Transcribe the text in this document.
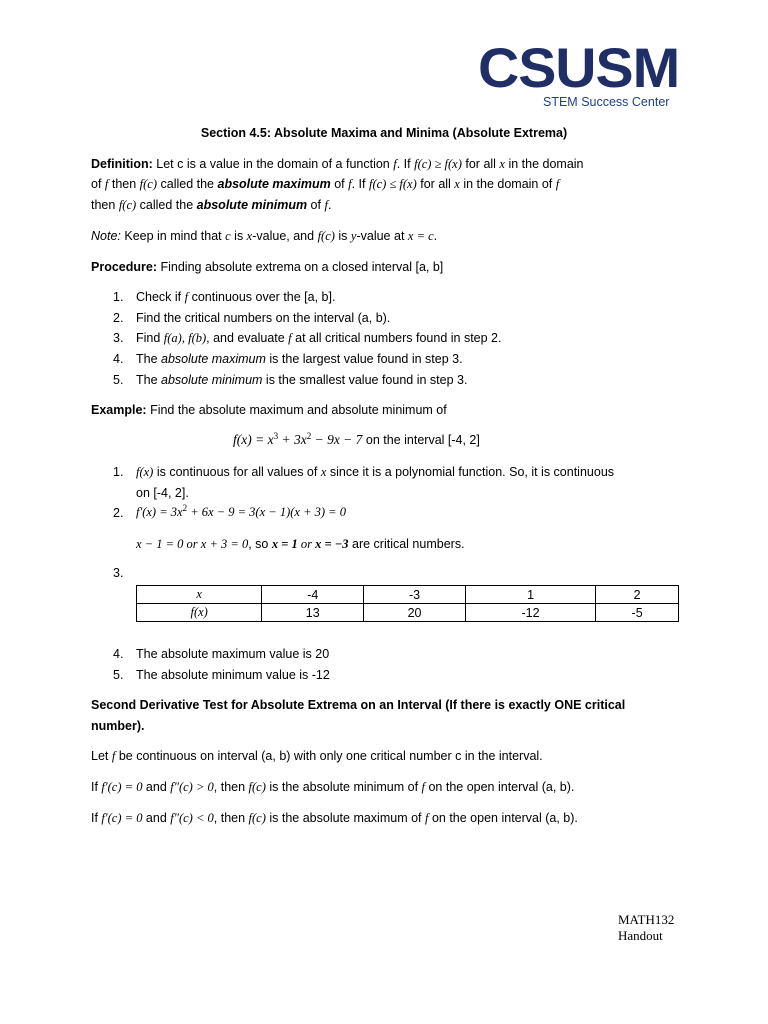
CSUSM
STEM Success Center
Section 4.5: Absolute Maxima and Minima (Absolute Extrema)
Definition: Let c is a value in the domain of a function f. If f(c) ≥ f(x) for all x in the domain
of f then f(c) called the absolute maximum of f. If f(c) ≤ f(x) for all x in the domain of f
then f(c) called the absolute minimum of f.
Note: Keep in mind that c is x-value, and f(c) is y-value at x = c.
Procedure: Finding absolute extrema on a closed interval [a, b]
1. Check if f continuous over the [a, b].
2. Find the critical numbers on the interval (a, b).
3. Find f(a), f(b), and evaluate f at all critical numbers found in step 2.
4. The absolute maximum is the largest value found in step 3.
5. The absolute minimum is the smallest value found in step 3.
Example: Find the absolute maximum and absolute minimum of
$f(x) = x^3 + 3x^2 - 9x - 7$ on the interval [-4, 2]
1. f(x) is continuous for all values of x since it is a polynomial function. So, it is continuous
on [-4, 2].
2. $f'(x) = 3x^2 + 6x - 9 = 3(x - 1)(x + 3) = 0$
x − 1 = 0 or x + 3 = 0, so x = 1 or x = −3 are critical numbers.
3.
x	-4	-3	1	2
f(x)	13	20	-12	-5
4. The absolute maximum value is 20
5. The absolute minimum value is -12
Second Derivative Test for Absolute Extrema on an Interval (If there is exactly ONE critical
number).
Let f be continuous on interval (a, b) with only one critical number c in the interval.
If f′(c) = 0 and f"(c) > 0, then f(c) is the absolute minimum of f on the open interval (a, b).
If f′(c) = 0 and f"(c) < 0, then f(c) is the absolute maximum of f on the open interval (a, b).
MATH132
Handout
